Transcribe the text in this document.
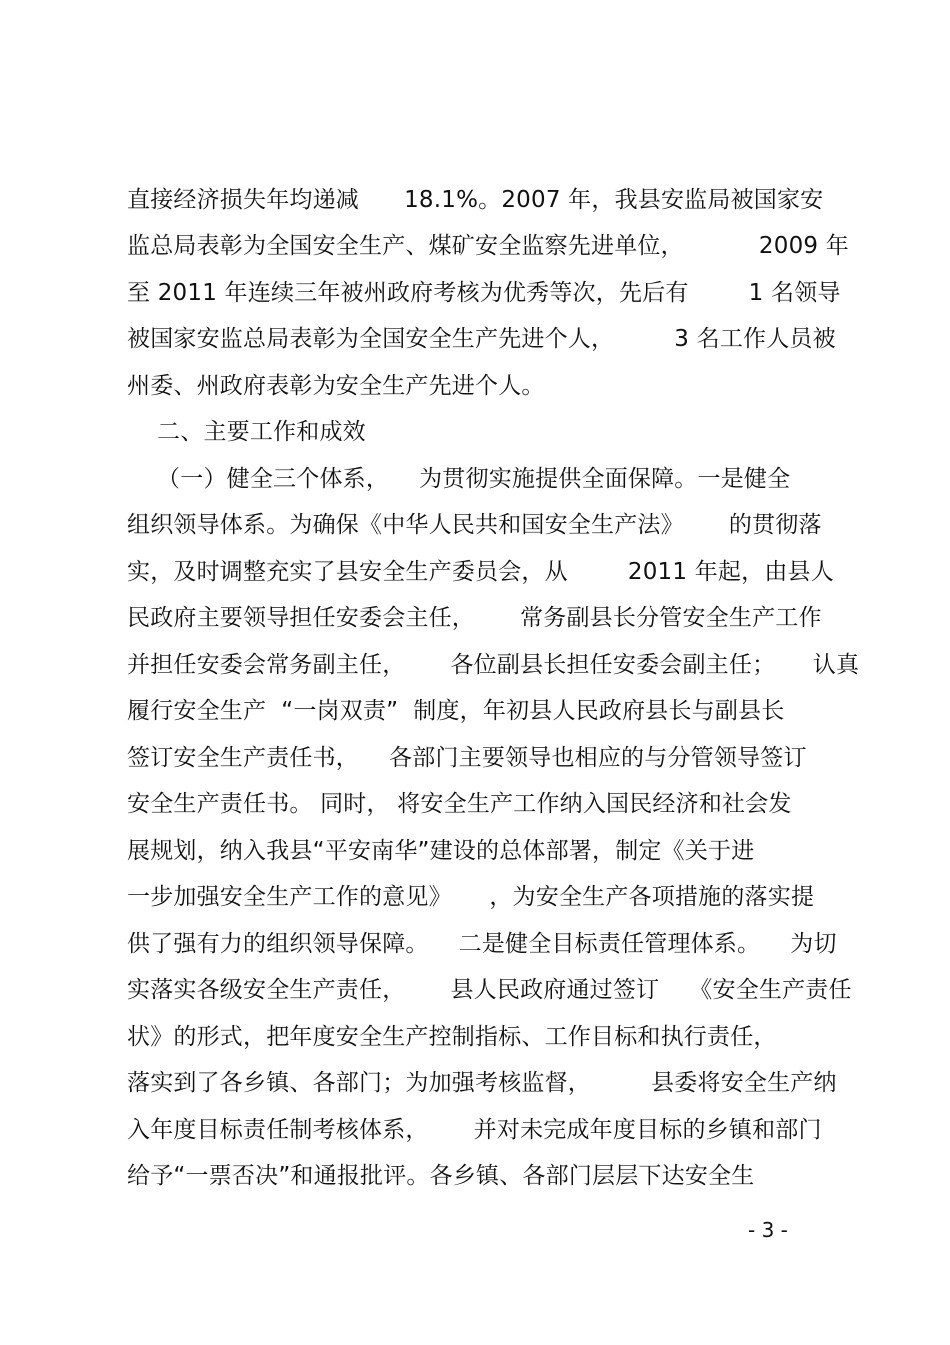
直接经济损失年均递减      18.1%。2007 年，我县安监局被国家安
监总局表彰为全国安全生产、煤矿安全监察先进单位，          2009 年
至 2011 年连续三年被州政府考核为优秀等次，先后有        1 名领导
被国家安监总局表彰为全国安全生产先进个人，        3 名工作人员被
州委、州政府表彰为安全生产先进个人。
二、主要工作和成效
（一）健全三个体系，    为贯彻实施提供全面保障。一是健全
组织领导体系。为确保《中华人民共和国安全生产法》      的贯彻落
实，及时调整充实了县安全生产委员会，从        2011 年起，由县人
民政府主要领导担任安委会主任，      常务副县长分管安全生产工作
并担任安委会常务副主任，      各位副县长担任安委会副主任；     认真
履行安全生产  “一岗双责”  制度，年初县人民政府县长与副县长
签订安全生产责任书，    各部门主要领导也相应的与分管领导签订
安全生产责任书。 同时， 将安全生产工作纳入国民经济和社会发
展规划，纳入我县“平安南华”建设的总体部署，制定《关于进
一步加强安全生产工作的意见》     ，为安全生产各项措施的落实提
供了强有力的组织领导保障。    二是健全目标责任管理体系。    为切
实落实各级安全生产责任，      县人民政府通过签订    《安全生产责任
状》的形式，把年度安全生产控制指标、工作目标和执行责任，
落实到了各乡镇、各部门；为加强考核监督，        县委将安全生产纳
入年度目标责任制考核体系，      并对未完成年度目标的乡镇和部门
给予“一票否决”和通报批评。各乡镇、各部门层层下达安全生
- 3 -
